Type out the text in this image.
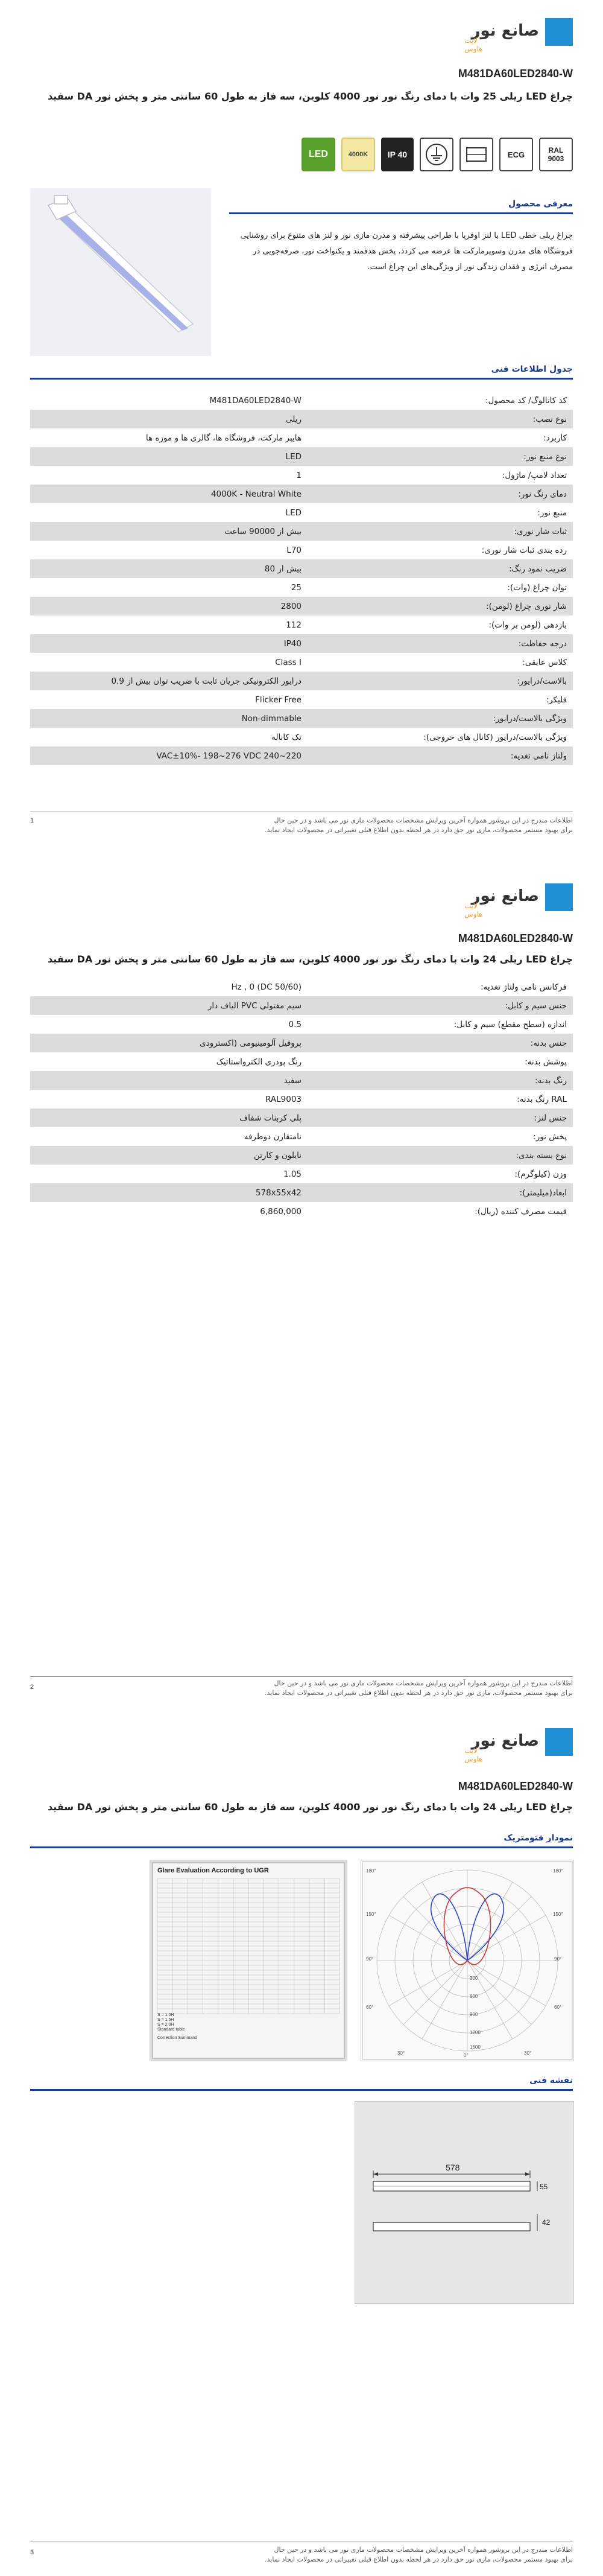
صانع نور
لایت هاوس
M481DA60LED2840-W
چراغ LED ریلی 25 وات با دمای رنگ نور نور 4000 کلوین، سه فاز به طول 60 سانتی متر و پخش نور DA سفید
RAL
9003
ECG
IP 40
4000K
LED
معرفی محصول
چراغ ریلی خطی LED با لنز اوفریا با طراحی پیشرفته و مدرن مازی نور و لنز های متنوع برای روشنایی فروشگاه های مدرن وسوپرمارکت ها عرضه می کردد. پخش هدفمند و یکنواخت نور، صرفه‌جویی در مصرف انرژی و فقدان زندگی نور از ویژگی‌های این چراغ است.
جدول اطلاعات فنی
کد کاتالوگ/ کد محصول:	M481DA60LED2840-W
نوع نصب:	ریلی
کاربرد:	هایپر مارکت، فروشگاه ها، گالری ها و موزه ها
نوع منبع نور:	LED
تعداد لامپ/ ماژول:	1
دمای رنگ نور:	4000K - Neutral White
منبع نور:	LED
ثبات شار نوری:	بیش از 90000 ساعت
رده بندی ثبات شار نوری:	L70
ضریب نمود رنگ:	بیش از 80
توان چراغ (وات):	25
شار نوری چراغ (لومن):	2800
بازدهی (لومن بر وات):	112
درجه حفاظت:	IP40
کلاس عایقی:	Class I
بالاست/درایور:	درایور الکترونیکی جریان ثابت با ضریب توان بیش از 0.9
فلیکر:	Flicker Free
ویژگی بالاست/درایور:	Non-dimmable
ویژگی بالاست/درایور (کانال های خروجی):	تک کاناله
ولتاژ نامی تغذیه:	VAC±10%- 198~276 VDC 240~220
اطلاعات مندرج در این بروشور همواره آخرین ویرایش مشخصات محصولات مازی نور می باشد و در حین حال
برای بهبود مستمر محصولات، مازی نور حق دارد در هر لحظه بدون اطلاع قبلی تغییراتی در محصولات ایجاد نماید.
1
صانع نور
لایت هاوس
M481DA60LED2840-W
چراغ LED ریلی 24 وات با دمای رنگ نور نور 4000 کلوین، سه فاز به طول 60 سانتی متر و پخش نور DA سفید
فرکانس نامی ولتاژ تغذیه:	(Hz , 0 (DC 50/60
جنس سیم و کابل:	سیم مفتولی PVC الياف دار
اندازه (سطح مقطع) سیم و کابل:	0.5
جنس بدنه:	پروفیل آلومینیومی (اکسترودی
پوشش بدنه:	رنگ پودری الکترواستاتیک
رنگ بدنه:	سفید
RAL رنگ بدنه:	RAL9003
جنس لنز:	پلی کربنات شفاف
پخش نور:	نامتقارن دوطرفه
نوع بسته بندی:	نایلون و کارتن
وزن (کیلوگرم):	1.05
ابعاد(میلیمتر):	578x55x42
قیمت مصرف کننده (ریال):	6,860,000
اطلاعات مندرج در این بروشور همواره آخرین ویرایش مشخصات محصولات مازی نور می باشد و در حین حال
برای بهبود مستمر محصولات، مازی نور حق دارد در هر لحظه بدون اطلاع قبلی تغییراتی در محصولات ایجاد نماید.
2
صانع نور
لایت هاوس
M481DA60LED2840-W
چراغ LED ریلی 24 وات با دمای رنگ نور نور 4000 کلوین، سه فاز به طول 60 سانتی متر و پخش نور DA سفید
نمودار فتومتریک
Glare Evaluation According to UGR
Standard table
Correction Summand
S = 1.0H
S = 1.5H
S = 2.0H
180°	180°
150°	150°
90°	90°
60°	60°
30°	0°	30°
300
600
900
1200
1500
نقشه فنی
578
55
42
اطلاعات مندرج در این بروشور همواره آخرین ویرایش مشخصات محصولات مازی نور می باشد و در حین حال
برای بهبود مستمر محصولات، مازی نور حق دارد در هر لحظه بدون اطلاع قبلی تغییراتی در محصولات ایجاد نماید.
3
